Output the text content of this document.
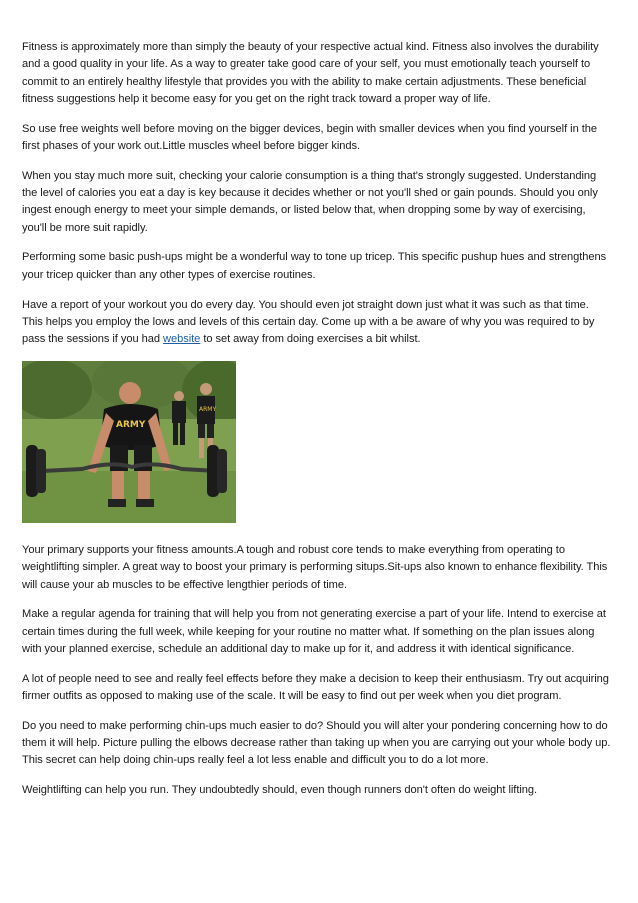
Fitness is approximately more than simply the beauty of your respective actual kind. Fitness also involves the durability and a good quality in your life. As a way to greater take good care of your self, you must emotionally teach yourself to commit to an entirely healthy lifestyle that provides you with the ability to make certain adjustments. These beneficial fitness suggestions help it become easy for you get on the right track toward a proper way of life.

So use free weights well before moving on the bigger devices, begin with smaller devices when you find yourself in the first phases of your work out.Little muscles wheel before bigger kinds.

When you stay much more suit, checking your calorie consumption is a thing that's strongly suggested. Understanding the level of calories you eat a day is key because it decides whether or not you'll shed or gain pounds. Should you only ingest enough energy to meet your simple demands, or listed below that, when dropping some by way of exercising, you'll be more suit rapidly.

Performing some basic push-ups might be a wonderful way to tone up tricep. This specific pushup hues and strengthens your tricep quicker than any other types of exercise routines.

Have a report of your workout you do every day. You should even jot straight down just what it was such as that time. This helps you employ the lows and levels of this certain day. Come up with a be aware of why you was required to by pass the sessions if you had website to set away from doing exercises a bit whilst.

ARMY
ARMY

Your primary supports your fitness amounts.A tough and robust core tends to make everything from operating to weightlifting simpler. A great way to boost your primary is performing situps.Sit-ups also known to enhance flexibility. This will cause your ab muscles to be effective lengthier periods of time.

Make a regular agenda for training that will help you from not generating exercise a part of your life. Intend to exercise at certain times during the full week, while keeping for your routine no matter what. If something on the plan issues along with your planned exercise, schedule an additional day to make up for it, and address it with identical significance.

A lot of people need to see and really feel effects before they make a decision to keep their enthusiasm. Try out acquiring firmer outfits as opposed to making use of the scale. It will be easy to find out per week when you diet program.

Do you need to make performing chin-ups much easier to do? Should you will alter your pondering concerning how to do them it will help. Picture pulling the elbows decrease rather than taking up when you are carrying out your whole body up. This secret can help doing chin-ups really feel a lot less enable and difficult you to do a lot more.

Weightlifting can help you run. They undoubtedly should, even though runners don't often do weight lifting.
